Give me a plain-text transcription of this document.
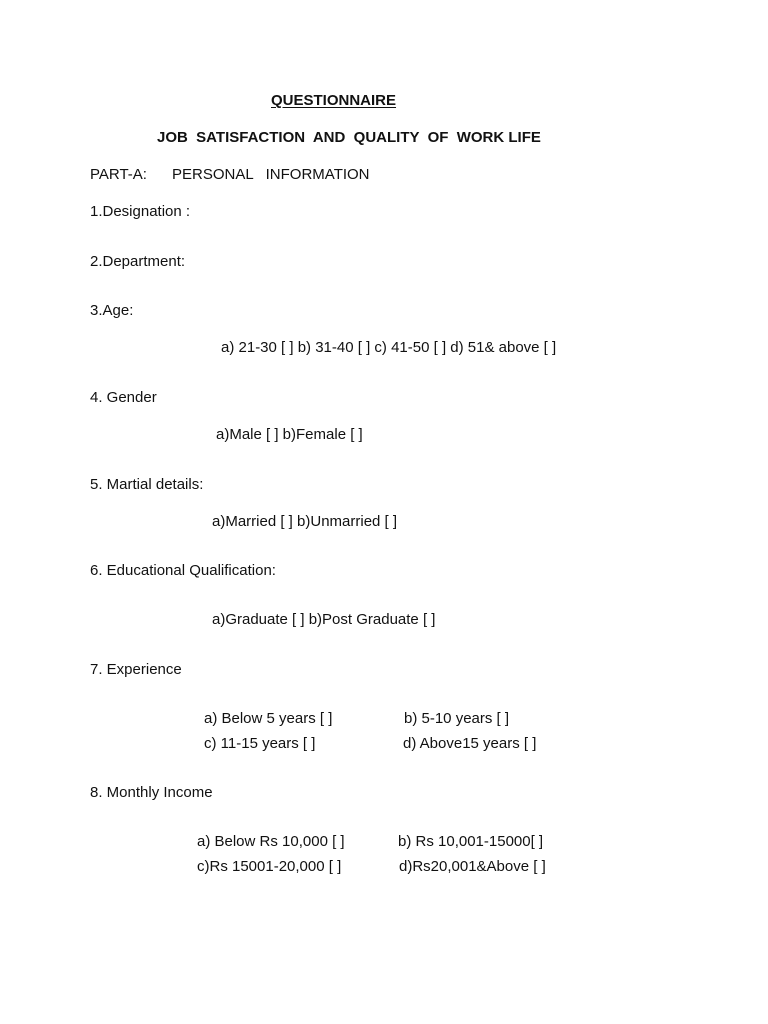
QUESTIONNAIRE
JOB  SATISFACTION  AND  QUALITY  OF  WORK LIFE
PART-A: PERSONAL   INFORMATION
1.Designation :
2.Department:
3.Age:
a) 21-30 [ ] b) 31-40 [ ] c) 41-50 [ ] d) 51& above [ ]
4. Gender
a)Male [ ] b)Female [ ]
5. Martial details:
a)Married [ ] b)Unmarried [ ]
6. Educational Qualification:
a)Graduate [ ] b)Post Graduate [ ]
7. Experience
a) Below 5 years [ ]	b) 5-10 years [ ]
c) 11-15 years [ ]	d) Above15 years [ ]
8. Monthly Income
a) Below Rs 10,000 [ ]	b) Rs 10,001-15000[ ]
c)Rs 15001-20,000 [ ]	d)Rs20,001&Above [ ]
